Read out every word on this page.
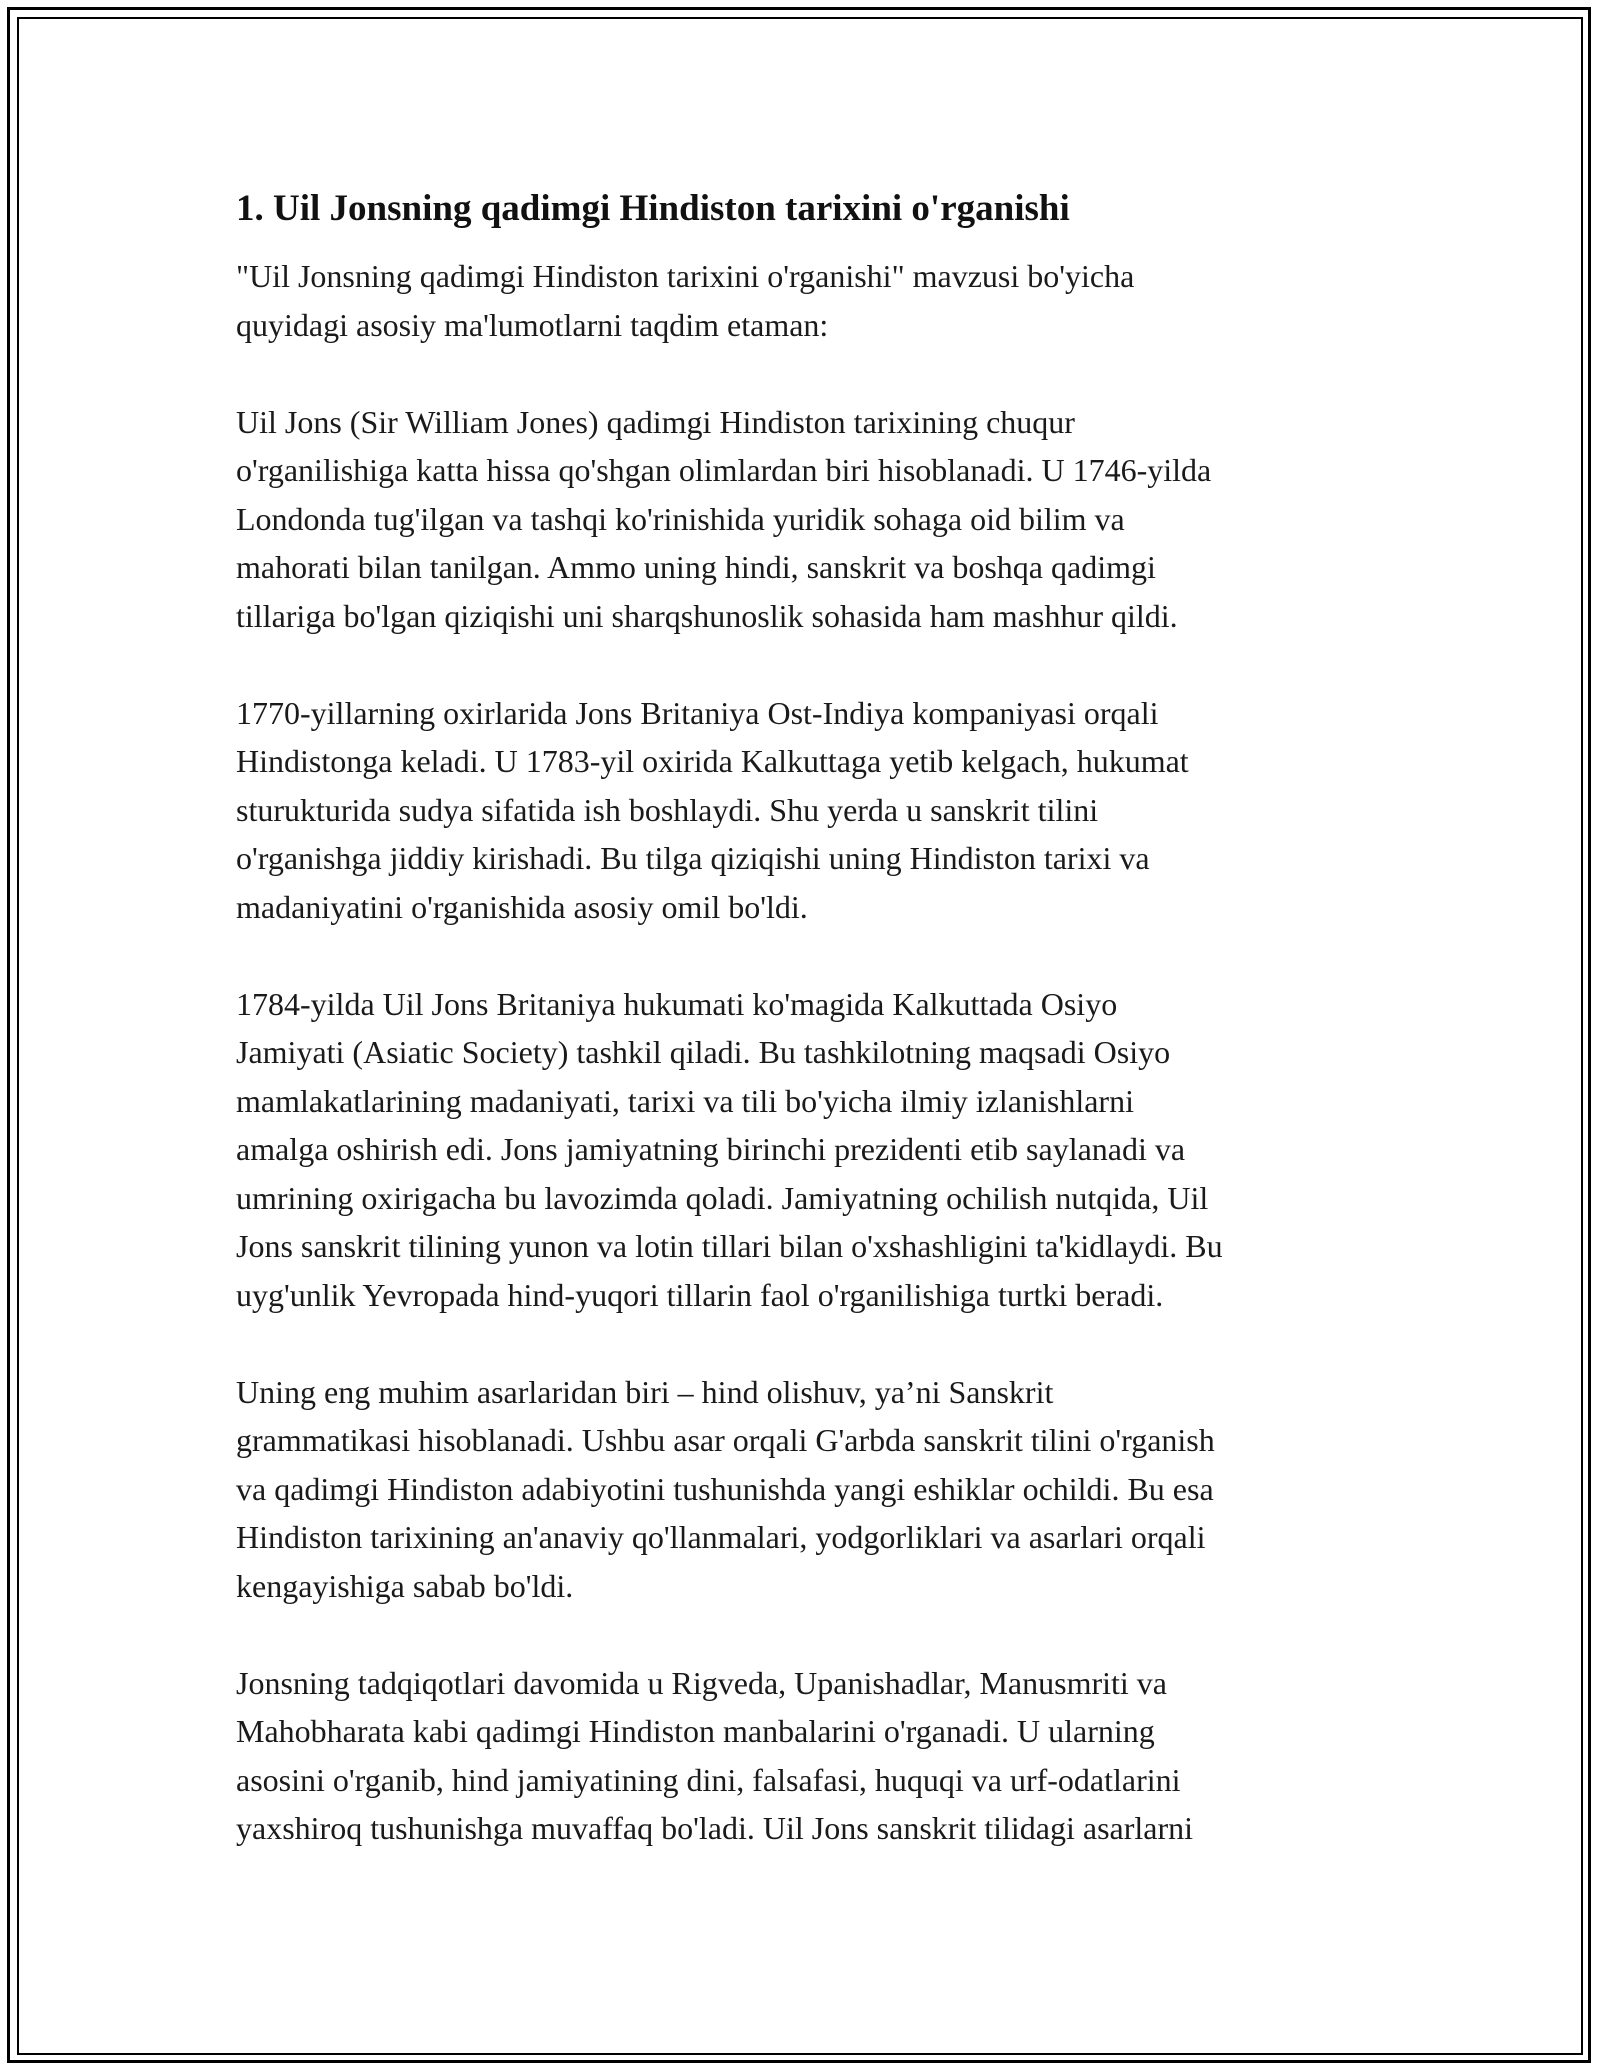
1. Uil Jonsning qadimgi Hindiston tarixini o'rganishi

"Uil Jonsning qadimgi Hindiston tarixini o'rganishi" mavzusi bo'yicha
quyidagi asosiy ma'lumotlarni taqdim etaman:

Uil Jons (Sir William Jones) qadimgi Hindiston tarixining chuqur
o'rganilishiga katta hissa qo'shgan olimlardan biri hisoblanadi. U 1746-yilda
Londonda tug'ilgan va tashqi ko'rinishida yuridik sohaga oid bilim va
mahorati bilan tanilgan. Ammo uning hindi, sanskrit va boshqa qadimgi
tillariga bo'lgan qiziqishi uni sharqshunoslik sohasida ham mashhur qildi.

1770-yillarning oxirlarida Jons Britaniya Ost-Indiya kompaniyasi orqali
Hindistonga keladi. U 1783-yil oxirida Kalkuttaga yetib kelgach, hukumat
sturukturida sudya sifatida ish boshlaydi. Shu yerda u sanskrit tilini
o'rganishga jiddiy kirishadi. Bu tilga qiziqishi uning Hindiston tarixi va
madaniyatini o'rganishida asosiy omil bo'ldi.

1784-yilda Uil Jons Britaniya hukumati ko'magida Kalkuttada Osiyo
Jamiyati (Asiatic Society) tashkil qiladi. Bu tashkilotning maqsadi Osiyo
mamlakatlarining madaniyati, tarixi va tili bo'yicha ilmiy izlanishlarni
amalga oshirish edi. Jons jamiyatning birinchi prezidenti etib saylanadi va
umrining oxirigacha bu lavozimda qoladi. Jamiyatning ochilish nutqida, Uil
Jons sanskrit tilining yunon va lotin tillari bilan o'xshashligini ta'kidlaydi. Bu
uyg'unlik Yevropada hind-yuqori tillarin faol o'rganilishiga turtki beradi.

Uning eng muhim asarlaridan biri – hind olishuv, ya’ni Sanskrit
grammatikasi hisoblanadi. Ushbu asar orqali G'arbda sanskrit tilini o'rganish
va qadimgi Hindiston adabiyotini tushunishda yangi eshiklar ochildi. Bu esa
Hindiston tarixining an'anaviy qo'llanmalari, yodgorliklari va asarlari orqali
kengayishiga sabab bo'ldi.

Jonsning tadqiqotlari davomida u Rigveda, Upanishadlar, Manusmriti va
Mahobharata kabi qadimgi Hindiston manbalarini o'rganadi. U ularning
asosini o'rganib, hind jamiyatining dini, falsafasi, huquqi va urf-odatlarini
yaxshiroq tushunishga muvaffaq bo'ladi. Uil Jons sanskrit tilidagi asarlarni
